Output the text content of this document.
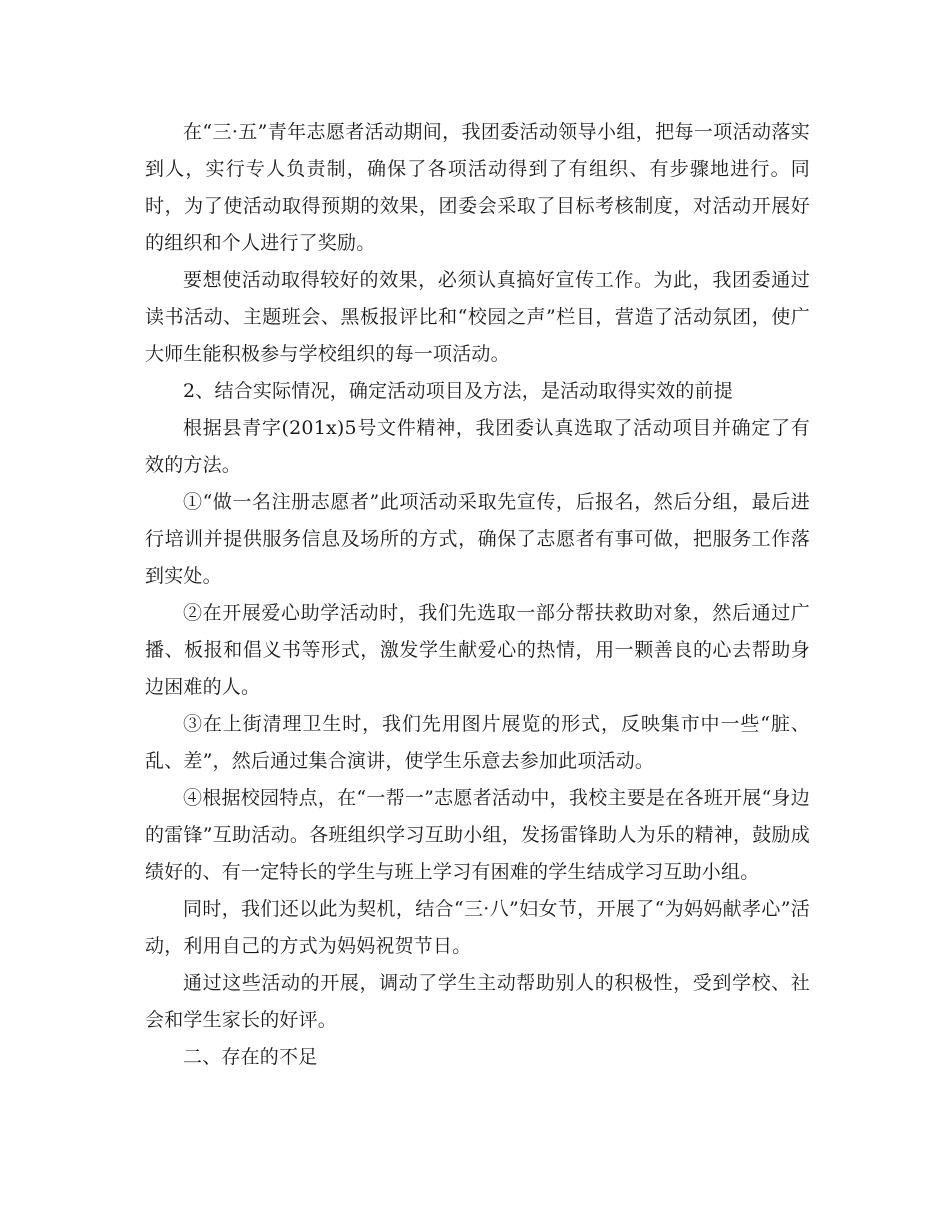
在“三·五”青年志愿者活动期间，我团委活动领导小组，把每一项活动落实到人，实行专人负责制，确保了各项活动得到了有组织、有步骤地进行。同时，为了使活动取得预期的效果，团委会采取了目标考核制度，对活动开展好的组织和个人进行了奖励。

要想使活动取得较好的效果，必须认真搞好宣传工作。为此，我团委通过读书活动、主题班会、黑板报评比和“校园之声”栏目，营造了活动氛团，使广大师生能积极参与学校组织的每一项活动。

2、结合实际情况，确定活动项目及方法，是活动取得实效的前提

根据县青字(201x)5号文件精神，我团委认真选取了活动项目并确定了有效的方法。

①“做一名注册志愿者”此项活动采取先宣传，后报名，然后分组，最后进行培训并提供服务信息及场所的方式，确保了志愿者有事可做，把服务工作落到实处。

②在开展爱心助学活动时，我们先选取一部分帮扶救助对象，然后通过广播、板报和倡义书等形式，激发学生献爱心的热情，用一颗善良的心去帮助身边困难的人。

③在上街清理卫生时，我们先用图片展览的形式，反映集市中一些“脏、乱、差”，然后通过集合演讲，使学生乐意去参加此项活动。

④根据校园特点，在“一帮一”志愿者活动中，我校主要是在各班开展“身边的雷锋”互助活动。各班组织学习互助小组，发扬雷锋助人为乐的精神，鼓励成绩好的、有一定特长的学生与班上学习有困难的学生结成学习互助小组。

同时，我们还以此为契机，结合“三·八”妇女节，开展了“为妈妈献孝心”活动，利用自己的方式为妈妈祝贺节日。

通过这些活动的开展，调动了学生主动帮助别人的积极性，受到学校、社会和学生家长的好评。

二、存在的不足
